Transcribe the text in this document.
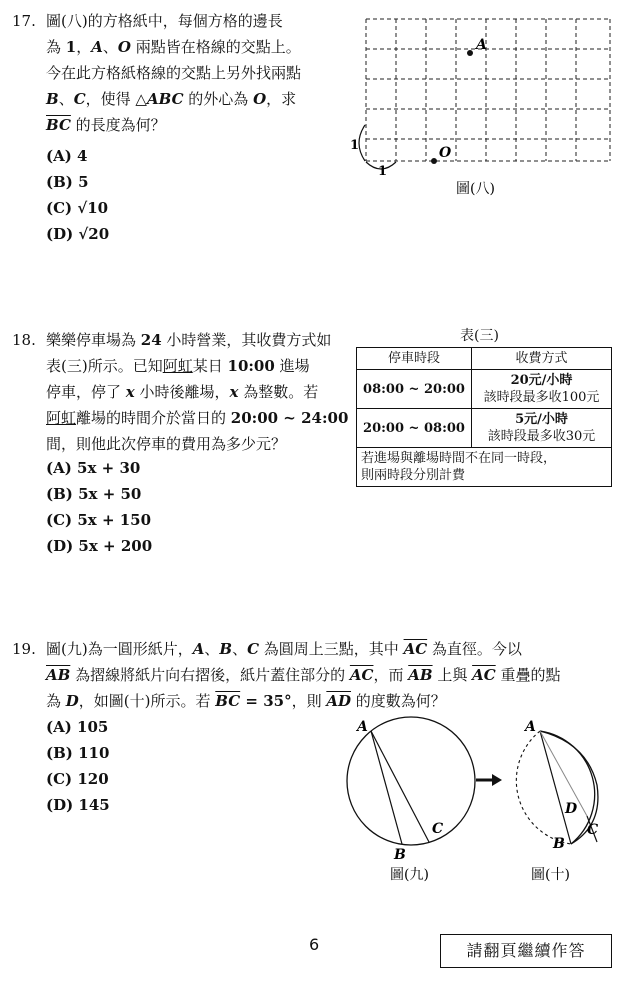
17. 圖(八)的方格紙中，每個方格的邊長
為 1，A、O 兩點皆在格線的交點上。
今在此方格紙格線的交點上另外找兩點
B、C，使得 △ABC 的外心為 O，求
$\overline{BC}$ 的長度為何？
(A) 4
(B) 5
(C) √10
(D) √20
A
O
1
1
圖(八)
18. 樂樂停車場為 24 小時營業，其收費方式如
表(三)所示。已知阿虹某日 10:00 進場
停車，停了 x 小時後離場，x 為整數。若
阿虹離場的時間介於當日的 20:00 ~ 24:00
間，則他此次停車的費用為多少元？
(A) 5x + 30
(B) 5x + 50
(C) 5x + 150
(D) 5x + 200
表(三)
停車時段	收費方式
08:00 ~ 20:00	20元/小時
該時段最多收100元

20:00 ~ 08:00	5元/小時
該時段最多收30元

若進場與離場時間不在同一時段，
則兩時段分別計費	
19. 圖(九)為一圓形紙片，A、B、C 為圓周上三點，其中 $\overline{AC}$ 為直徑。今以
$\overline{AB}$ 為摺線將紙片向右摺後，紙片蓋住部分的 $\overline{AC}$，而 $\overline{AB}$ 上與 $\overline{AC}$ 重疊的點
為 D，如圖(十)所示。若 $\overline{BC} = 35^\circ$，則 $\overline{AD}$ 的度數為何？
(A) 105
(B) 110
(C) 120
(D) 145
A
B
C
圖(九)
A
D
B
C
圖(十)
6	請翻頁繼續作答
